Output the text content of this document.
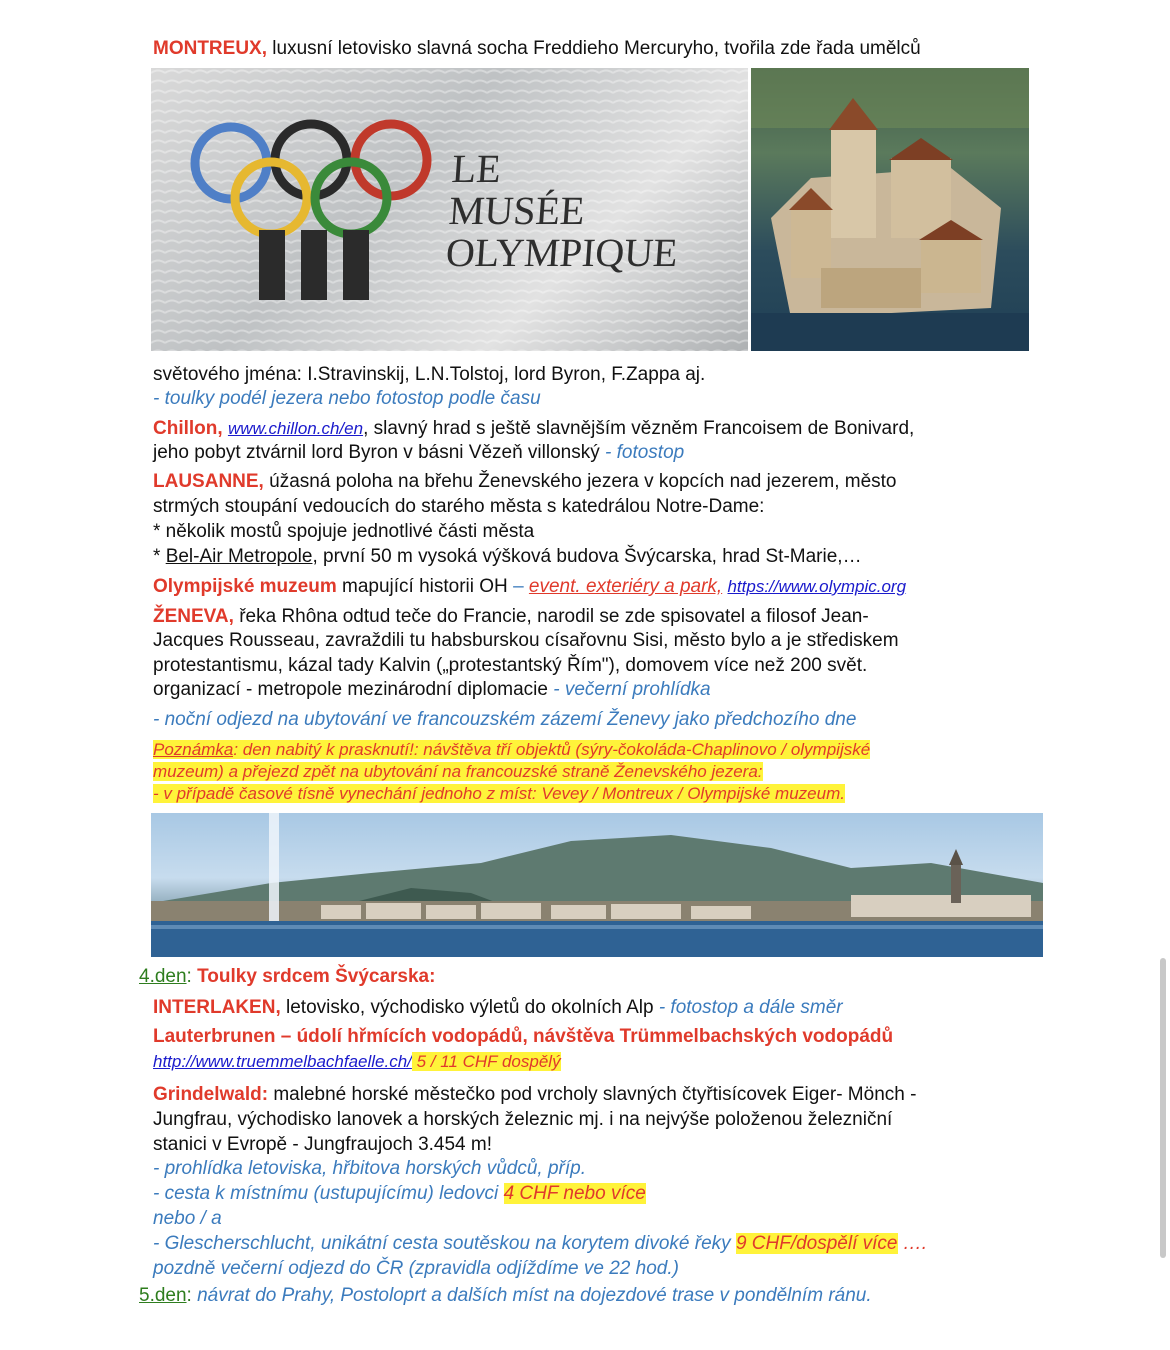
MONTREUX, luxusní letovisko slavná socha Freddieho Mercuryho, tvořila zde řada umělců
LE
MUSÉE
OLYMPIQUE
světového jména: I.Stravinskij, L.N.Tolstoj, lord Byron, F.Zappa aj.
- toulky podél jezera nebo fotostop podle času
Chillon, www.chillon.ch/en, slavný hrad s ještě slavnějším vězněm Francoisem de Bonivard,
jeho pobyt ztvárnil lord Byron v básni Vězeň villonský - fotostop
LAUSANNE, úžasná poloha na břehu Ženevského jezera v kopcích nad jezerem, město
strmých stoupání vedoucích do starého města s katedrálou Notre-Dame:
* několik mostů spojuje jednotlivé části města
* Bel-Air Metropole, první 50 m vysoká výšková budova Švýcarska, hrad St-Marie,…
Olympijské muzeum mapující historii OH – event. exteriéry a park, https://www.olympic.org
ŽENEVA, řeka Rhôna odtud teče do Francie, narodil se zde spisovatel a filosof Jean-
Jacques Rousseau, zavraždili tu habsburskou císařovnu Sisi, město bylo a je střediskem
protestantismu, kázal tady Kalvin („protestantský Řím"), domovem více než 200 svět.
organizací - metropole mezinárodní diplomacie - večerní prohlídka
- noční odjezd na ubytování ve francouzském zázemí Ženevy jako předchozího dne
Poznámka: den nabitý k prasknutí!: návštěva tří objektů (sýry-čokoláda-Chaplinovo / olympijské
muzeum) a přejezd zpět na ubytování na francouzské straně Ženevského jezera:
- v případě časové tísně vynechání jednoho z míst: Vevey / Montreux / Olympijské muzeum.
4.den: Toulky srdcem Švýcarska:
INTERLAKEN, letovisko, východisko výletů do okolních Alp - fotostop a dále směr
Lauterbrunen – údolí hřmících vodopádů, návštěva Trümmelbachských vodopádů
http://www.truemmelbachfaelle.ch/ 5 / 11 CHF dospělý
Grindelwald: malebné horské městečko pod vrcholy slavných čtyřtisícovek Eiger- Mönch -
Jungfrau, východisko lanovek a horských železnic mj. i na nejvýše položenou železniční
stanici v Evropě - Jungfraujoch 3.454 m!
- prohlídka letoviska, hřbitova horských vůdců, příp.
- cesta k místnímu (ustupujícímu) ledovci 4 CHF nebo více
nebo / a
- Glescherschlucht, unikátní cesta soutěskou na korytem divoké řeky 9 CHF/dospělí více ….
pozdně večerní odjezd do ČR (zpravidla odjíždíme ve 22 hod.)
5.den: návrat do Prahy, Postoloprt a dalších míst na dojezdové trase v pondělním ránu.
